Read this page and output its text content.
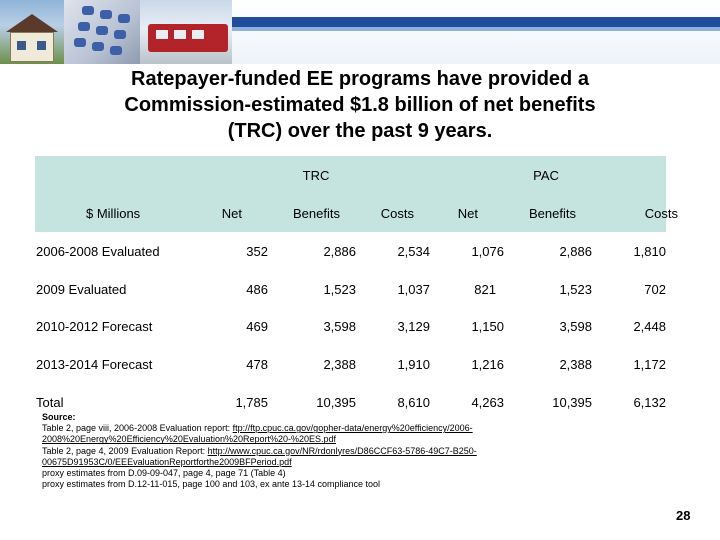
Ratepayer-funded EE programs have provided a
Commission-estimated $1.8 billion of net benefits
(TRC) over the past 9 years.
TRC	PAC
$ Millions	Net	Benefits	Costs	Net	Benefits	Costs
2006-2008 Evaluated	352	2,886	2,534	1,076	2,886	1,810
2009 Evaluated	486	1,523	1,037	821	1,523	702
2010-2012 Forecast	469	3,598	3,129	1,150	3,598	2,448
2013-2014 Forecast	478	2,388	1,910	1,216	2,388	1,172
Total	1,785	10,395	8,610	4,263	10,395	6,132
Source:
Table 2, page viii, 2006-2008 Evaluation report: ftp://ftp.cpuc.ca.gov/gopher-data/energy%20efficiency/2006-
2008%20Energy%20Efficiency%20Evaluation%20Report%20-%20ES.pdf
Table 2, page 4, 2009 Evaluation Report: http://www.cpuc.ca.gov/NR/rdonlyres/D86CCF63-5786-49C7-B250-
00675D91953C/0/EEEvaluationReportforthe2009BFPeriod.pdf
proxy estimates from D.09-09-047, page 4, page 71 (Table 4)
proxy estimates from D.12-11-015, page 100 and 103, ex ante 13-14 compliance tool
28
